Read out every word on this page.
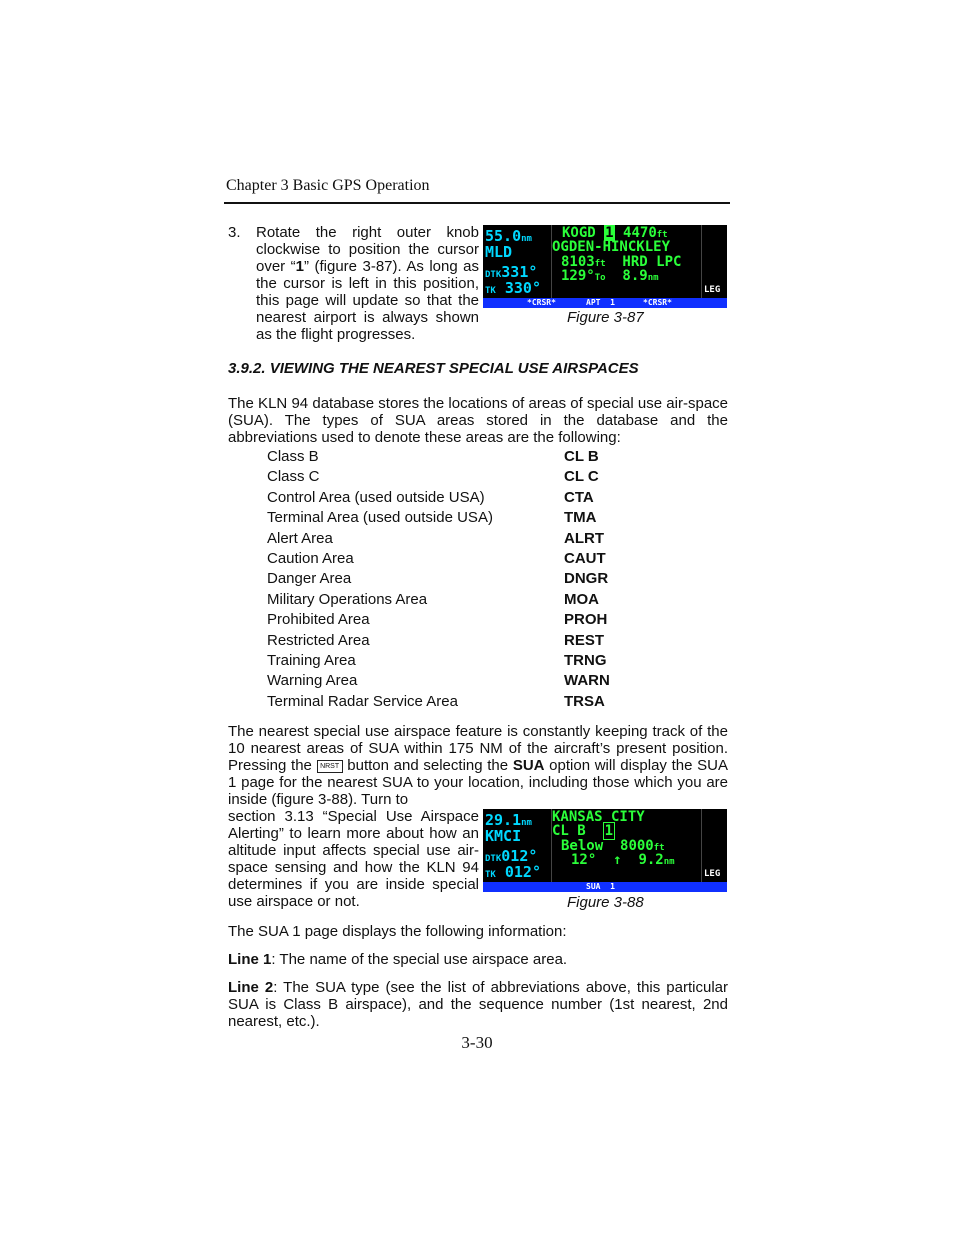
Chapter 3 Basic GPS Operation
3. Rotate the right outer knob clockwise to position the cursor over “1” (figure 3-87). As long as the cursor is left in this position, this page will update so that the nearest airport is always shown as the flight progresses.
55.0nm
MLD
DTK331°
TK 330°
KOGD 1 4470ft
OGDEN-HINCKLEY
8103ft HRD LPC
129°To 8.9nm
LEG
*CRSR*	APT  1	*CRSR*
Figure 3-87
3.9.2. VIEWING THE NEAREST SPECIAL USE AIRSPACES
The KLN 94 database stores the locations of areas of special use air-space (SUA). The types of SUA areas stored in the database and the abbreviations used to denote these areas are the following:
Class B	CL B
Class C	CL C
Control Area (used outside USA)	CTA
Terminal Area (used outside USA)	TMA
Alert Area	ALRT
Caution Area	CAUT
Danger Area	DNGR
Military Operations Area	MOA
Prohibited Area	PROH
Restricted Area	REST
Training Area	TRNG
Warning Area	WARN
Terminal Radar Service Area	TRSA
The nearest special use airspace feature is constantly keeping track of the 10 nearest areas of SUA within 175 NM of the aircraft’s present position. Pressing the NRST button and selecting the SUA option will display the SUA 1 page for the nearest SUA to your location, including those which you are inside (figure 3-88). Turn to
section 3.13 “Special Use Airspace Alerting” to learn more about how an altitude input affects special use air-space sensing and how the KLN 94 determines if you are inside special use airspace or not.
29.1nm
KMCI
DTK012°
TK 012°
KANSAS CITY
CL B 1
Below 8000ft
12° ↑ 9.2nm
LEG
SUA  1
Figure 3-88
The SUA 1 page displays the following information:
Line 1: The name of the special use airspace area.
Line 2: The SUA type (see the list of abbreviations above, this particular SUA is Class B airspace), and the sequence number (1st nearest, 2nd nearest, etc.).
3-30
